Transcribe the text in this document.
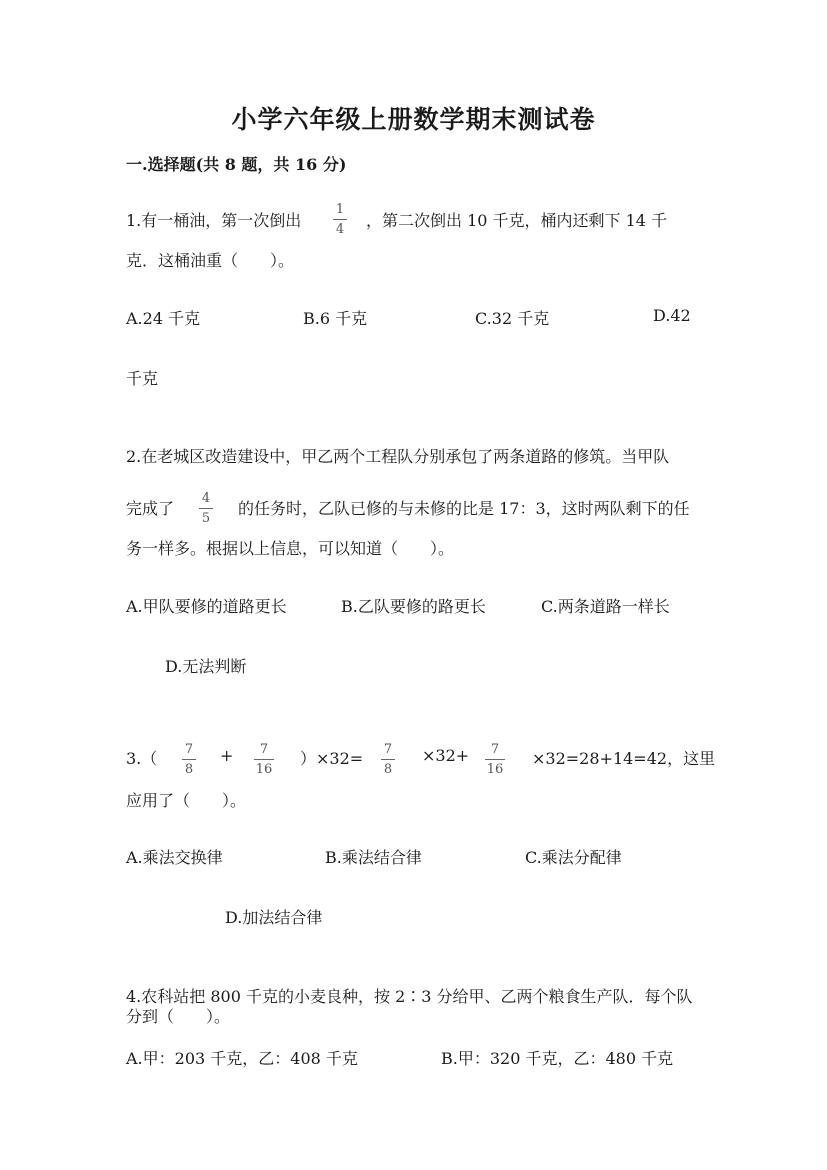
小学六年级上册数学期末测试卷
一.选择题(共 8 题，共 16 分)
1.有一桶油，第一次倒出
1
4 ，第二次倒出 10 千克，桶内还剩下 14 千
克．这桶油重（　　）。
A.24 千克	B.6 千克	C.32 千克	D.42
千克
2.在老城区改造建设中，甲乙两个工程队分别承包了两条道路的修筑。当甲队
完成了
4
5
的任务时，乙队已修的与未修的比是 17：3，这时两队剩下的任
务一样多。根据以上信息，可以知道（　　）。
A.甲队要修的道路更长	B.乙队要修的路更长	C.两条道路一样长
D.无法判断
3.（ 7
8
+ 7
16
）×32= 7
8
×32+ 7
16
×32=28+14=42，这里
应用了（　　）。
A.乘法交换律	B.乘法结合律	C.乘法分配律
D.加法结合律
4.农科站把 800 千克的小麦良种，按 2∶3 分给甲、乙两个粮食生产队．每个队
分到（　　）。
A.甲：203 千克，乙：408 千克	B.甲：320 千克，乙：480 千克
